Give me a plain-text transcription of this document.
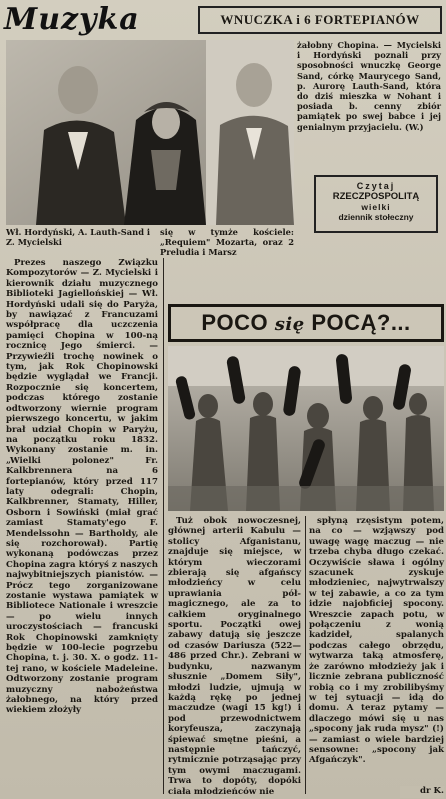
Muzyka	WNUCZKA i 6 FORTEPIANÓW
żałobny Chopina. — Mycielski i Hordyński poznali przy sposobności wnuczkę George Sand, córkę Maurycego Sand, p. Aurorę Lauth-Sand, która do dziś mieszka w Nohant i posiada b. cenny zbiór pamiątek po swej babce i jej genialnym przyjacielu. (W.)
Czytaj
RZECZPOSPOLITĄ
wielki
dziennik stołeczny
Wł. Hordyński, A. Lauth-Sand i Z. Mycielski
się w tymże kościele: „Requiem" Mozarta, oraz 2 Preludia i Marsz

Prezes naszego Związku Kompozytorów — Z. Mycielski i kierownik działu muzycznego Biblioteki Jagiellońskiej — Wł. Hordyński udali się do Paryża, by nawiązać z Francuzami współpracę dla uczczenia pamięci Chopina w 100-ną rocznicę Jego śmierci. — Przywieźli trochę nowinek o tym, jak Rok Chopinowski będzie wyglądał we Francji. Rozpocznie się koncertem, podczas którego zostanie odtworzony wiernie program pierwszego koncertu, w jakim brał udział Chopin w Paryżu, na początku roku 1832. Wykonany zostanie m. in. „Wielki polonez" Fr. Kalkbrennera na 6 fortepianów, który przed 117 laty odegrali: Chopin, Kalkbrenner, Stamaty, Hiller, Osborn i Sowiński (miał grać zamiast Stamaty'ego F. Mendelssohn — Bartholdy, ale się rozchorował). Partię wykonaną podówczas przez Chopina zagra któryś z naszych najwybitniejszych pianistów. — Prócz tego zorganizowane zostanie wystawa pamiątek w Bibliotece Nationale i wreszcie — po wielu innych uroczystościach — francuski Rok Chopinowski zamknięty będzie w 100-lecie pogrzebu Chopina, t. j. 30. X. o godz. 11-tej rano, w kościele Madeleine. Odtworzony zostanie program muzyczny nabożeństwa żałobnego, na który przed wiekiem złożyły

POCO się POCĄ?...

Tuż obok nowoczesnej, głównej arterii Kabulu — stolicy Afganistanu, znajduje się miejsce, w którym wieczorami zbierają się afgańscy młodzieńcy w celu uprawiania pół-magicznego, ale za to całkiem oryginalnego sportu. Początki owej zabawy datują się jeszcze od czasów Dariusza (522—486 przed Chr.). Zebrani w budynku, nazwanym słusznie „Domem Siły", młodzi ludzie, ujmują w każdą rękę po jednej maczudze (wagi 15 kg!) i pod przewodnictwem koryfeusza, zaczynają śpiewać smętne pieśni, a następnie tańczyć, rytmicznie potrząsając przy tym owymi maczugami. Trwa to dopóty, dopóki ciała młodzieńców nie

spłyną rzęsistym potem, na co — wzjąwszy pod uwagę wagę maczug — nie trzeba chyba długo czekać. Oczywiście sława i ogólny szacunek zyskuje młodzieniec, najwytrwalszy w tej zabawie, a co za tym idzie najobficiej spocony. Wreszcie zapach potu, w połączeniu z wonią kadzideł, spalanych podczas całego obrzędu, wytwarza taką atmosferę, że zarówno młodzieży jak i licznie zebrana publiczność robią co i my zrobilibyśmy w tej sytuacji — idą do domu. A teraz pytamy — dlaczego mówi się u nas „spocony jak ruda mysz" (!) — zamiast o wiele bardziej sensowne: „spocony jak Afgańczyk".

dr K.
